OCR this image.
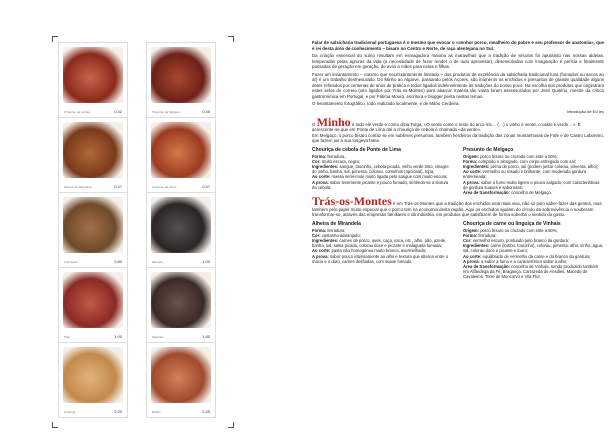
Chouriço de cebola	0,32	Presunto de Melgaço	0,45
Alheira de Mirandela	0,47	Chouriço de carne	0,57
Farinheira	0,80	Morcela	1,00
Paio	1,00	Salpicão	1,85
Linguiça	2,00	Butelo	2,45

Falar de salsicharia tradicional portuguesa é o mesmo que evocar o «senhor porco, mealheiro do pobre e seu professor de anatomia», que é rei desta área de conhecimento – bisaro no Centro e Norte, de raça alentejana no Sul.

Da criação essencial do suíno resultam em esmagadora maioria as maravilhas que a tradição de séculos foi apurando nas nossas aldeias, temperadas pelas agruras da vida (a necessidade de fazer render o de tudo aproveitar), desenvolvidas com imaginação e perícia e finalmente passadas de geração em geração, de avós a mães para netas e filhas.

Fazer um levantamento – mesmo que necessariamente limitado – dos produtos de excelência da salsicharia tradicional lusa (fumados ou secos ao ar) é um trabalho desmesurado. Do Minho ao Algarve, passando pelos Açores, são inúmeros os enchidos e presuntos de grande qualidade alguns deles refinados por centenas de anos de prática e todos ligados indelevelmente às tradições do nosso povo. Na escolha dos produtos que originaram estes selos de correio (oito ligados por Trás-os-Montes) para abarcar matéria tão vasta foram assessorados por José Quitério, mestre da crítica gastronómica em Portugal, e por Fátima Moura, escritora e blogger perita nestas temas.

O levantamento fotográfico, todo realizado localmente, é de Mário Cerdeira.

Introdução de Ed Iex

O Minho é todo ele verde e como dizia Torga, «O verde come o resto do arco-íris… (…) o vinho é verde, o caldo é verde…». E acrescente-se que em Ponte de Lima até a chouriça de cebola é chamada «da verde».

Em Melgaço, o porco bísaro confaz se em sublimes presuntos, também herdeiros da tradição das zonas montanhosas de Fafe e de Castro Laboreiro, que fazem jus à sua longeva fama.

Chouriça de cebola de Ponte de Lima

Forma: ferradura;

Cor: muito escura, negra;

Ingredientes: sangue, toucinho, cebola picada, vinho verde tinto, vinagre de vinho, banha, sal, pimenta, colorau, cominhos (opcional), tripa;

Ao corte: massa semi-mole muito ligada pelo sangue com muito escura;

A prova: sabor levemente picante e pouco fumado, sentindo-se a textura da cebola.

Presunto de Melgaço

Origem: porco bísaro ou cruzado com este a 50%;

Forma: comprido e alongado, com corpo esfregado com sal;

Ingredientes: perna de porco, sal (podem juntar colorau, pimenta, alho);

Ao corte: vermelho ou rosado e brilhante, com moderada gordura entremeada;

A prova: sabor a fumo muito ligeiro e pouco salgado, com características de gordura suaves e saborosas;

Área de transformação: concelho de Melgaço.

Trás-os-Montes é em Trás-os-Montes que a tradição dos enchidos está mais viva, não só pelo saber-fazer das gentes, mas também pelo papel muito especial que o porco tem na economia desta região. Aqui os enchidos ajudam do círculo da sobrevivência e souberam transformar-se, através das empresas familiares e da indústria, em produtos que satisfazem de forma soberba o sentido do gosto.

Alheira de Mirandela

Forma: ferradura;

Cor: castanho-alaranjado;

Ingredientes: carnes de porco, aves, caça, vaca, etc., alho, pão, azeite, banha, sal, salsa picada, colorau doce e picante e malagueta fumada;

Ao corte: pasta não homogénea muito branca, avermelhado;

A prova: sabor pouco intensamente ao alho e textura que alterna entre o macio e o duro, carnes desfiadas, com suave fumado.

Chouriça de carne ou linguiça de Vinhais

Origem: porco bísaro ou cruzado com este a 50%;

Forma: ferradura;

Cor: vermelho escuro, pontuado pelo branco da gordura;

Ingredientes: carne (lombo, toucinho), colorau, pimenta, alho, vinho, água, sal, colorau doce e picante e louro;

Ao corte: equilibrado de vermelho da carne e do branco da gordura;

A prova: a sabor a fumo e a característico sabor a alho;

Área de transformação: concelho de Vinhais, sendo produzido também em Alfândega da Fé, Bragança, Carrazeda de Ansiães, Macedo de Cavaleiros, Torre de Moncorvo e Vila Flor.
